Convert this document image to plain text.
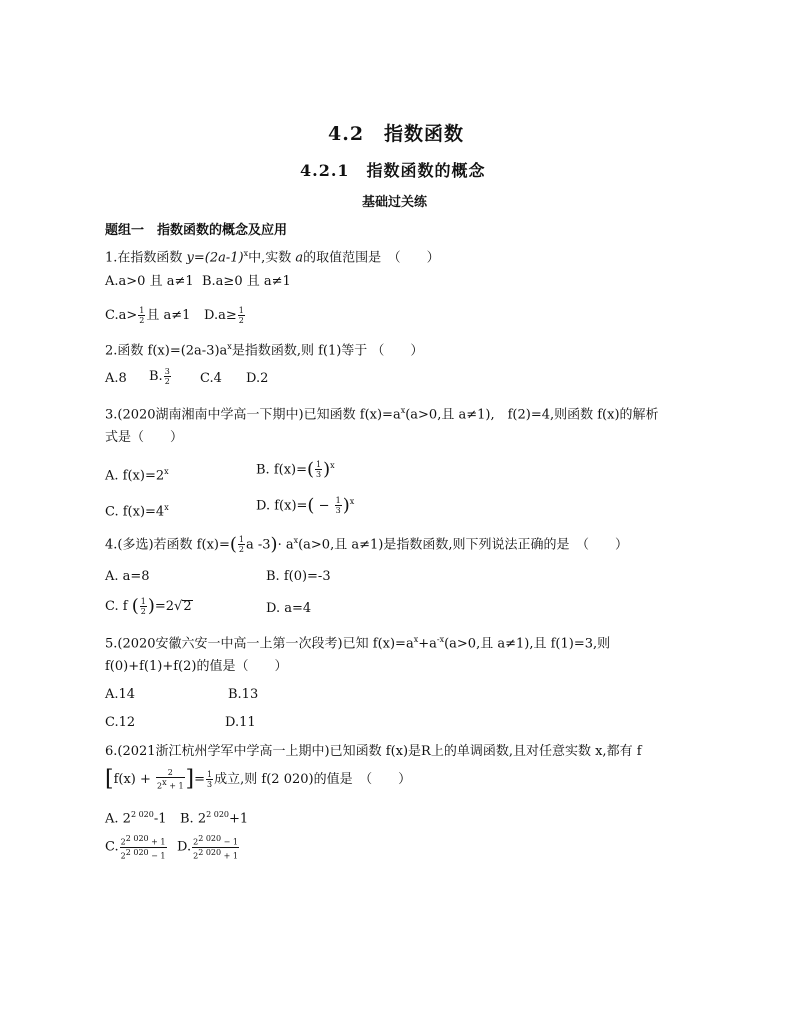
4.2　指数函数
4.2.1　指数函数的概念
基础过关练
题组一　指数函数的概念及应用
1.在指数函数 $y=(2a-1)^x$中,实数 a的取值范围是　（　　）
A.a>0 且 a≠1 B.a≥0 且 a≠1
$C.a> \frac{1}{2}$ 且 a≠1 $D.a\ge \frac{1}{2}$
2.函数 $f(x)=(2a-3)a^x$是指数函数,则 f(1)等于 （　　）
A.8 B. $\frac{3}{2} C.4$ D.2
3.(2020湖南湘南中学高一下期中)已知函数 $f(x)=a^x(a>0$,且 a≠1),　f(2)=4,则函数 f(x)的解析
式是（　　）
A. $f(x)=2^x$	B. $f(x)=( \frac{1}{3} )^x$
C. $f(x)=4^x$	D. $f(x)=( - \frac{1}{3} )^x$
4.(多选)若函数 $f(x)=( \frac{1}{2}$ a $-3)\cdot a^x(a>0$,且 a≠1)是指数函数,则下列说法正确的是　（　　）
A. a=8	B. f(0)=-3
C. f ( $\frac{1}{2} )=2√2$	D. a=4
5.(2020安徽六安一中高一上第一次段考)已知 $f(x)=a^x+a^{-x}(a>0$,且 a≠1),且 f(1)=3,则
f(0)+f(1)+f(2)的值是（　　）
A.14	B.13
C.12	D.11
6.(2021浙江杭州学军中学高一上期中)已知函数 f(x)是R上的单调函数,且对任意实数 x,都有 f
[$f(x) + \frac{2}{2^x + 1}$ ]= $\frac{1}{3}$ 成立,则 f(2 020)的值是　（　　）
A. $2^{2 020}-1$ B. $2^{2 020}+1$
C. $\frac{2^{2 020} + 1}{2^{2 020} - 1} D$. $\frac{2^{2 020} - 1}{2^{2 020} + 1}$
